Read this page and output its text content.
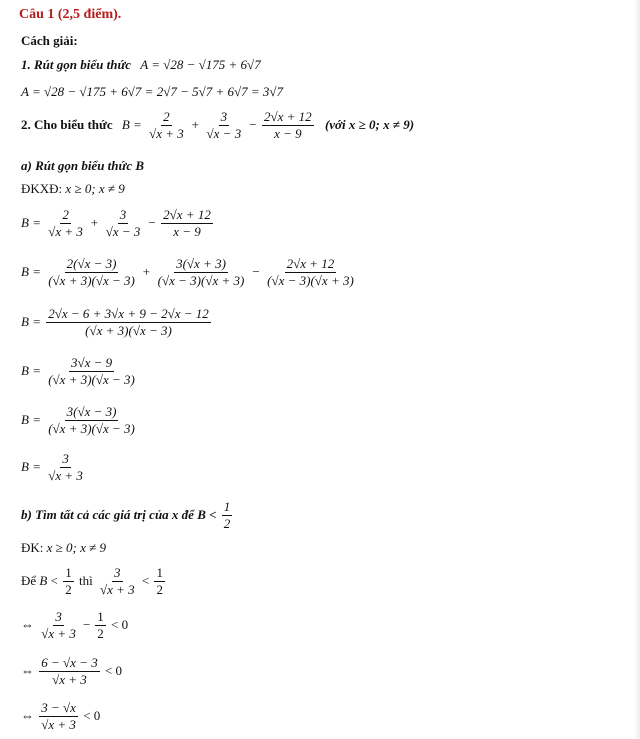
Câu 1 (2,5 điểm).
Cách giải:
1. Rút gọn biểu thức A = √28 − √175 + 6√7
A = √28 − √175 + 6√7 = 2√7 − 5√7 + 6√7 = 3√7
2. Cho biểu thức $B = \frac{2}{√x + 3} + \frac{3}{√x - 3} - \frac{2√x + 12}{x - 9}$ (với x ≥ 0; x ≠ 9)
a) Rút gọn biểu thức B
ĐKXĐ: x ≥ 0; x ≠ 9
$B = \frac{2}{√x + 3} + \frac{3}{√x - 3} - \frac{2√x + 12}{x - 9}$
$B = \frac{2(√x - 3)}{(√x + 3)(√x - 3)} + \frac{3(√x + 3)}{(√x - 3)(√x + 3)} - \frac{2√x + 12}{(√x - 3)(√x + 3)}$
$B = \frac{2√x - 6 + 3√x + 9 - 2√x - 12}{(√x + 3)(√x - 3)}$
$B = \frac{3√x - 9}{(√x + 3)(√x - 3)}$
$B = \frac{3(√x - 3)}{(√x + 3)(√x - 3)}$
$B = \frac{3}{√x + 3}$
b) Tìm tất cả các giá trị của x để $B < \frac{1}{2}$
ĐK: x ≥ 0; x ≠ 9
Để $B < \frac{1}{2}$ thì $\frac{3}{√x + 3} < \frac{1}{2}$
⇔ $\frac{3}{√x + 3} - \frac{1}{2} < 0$
⇔ $\frac{6 - √x - 3}{√x + 3} < 0$
⇔ $\frac{3 - √x}{√x + 3} < 0$
